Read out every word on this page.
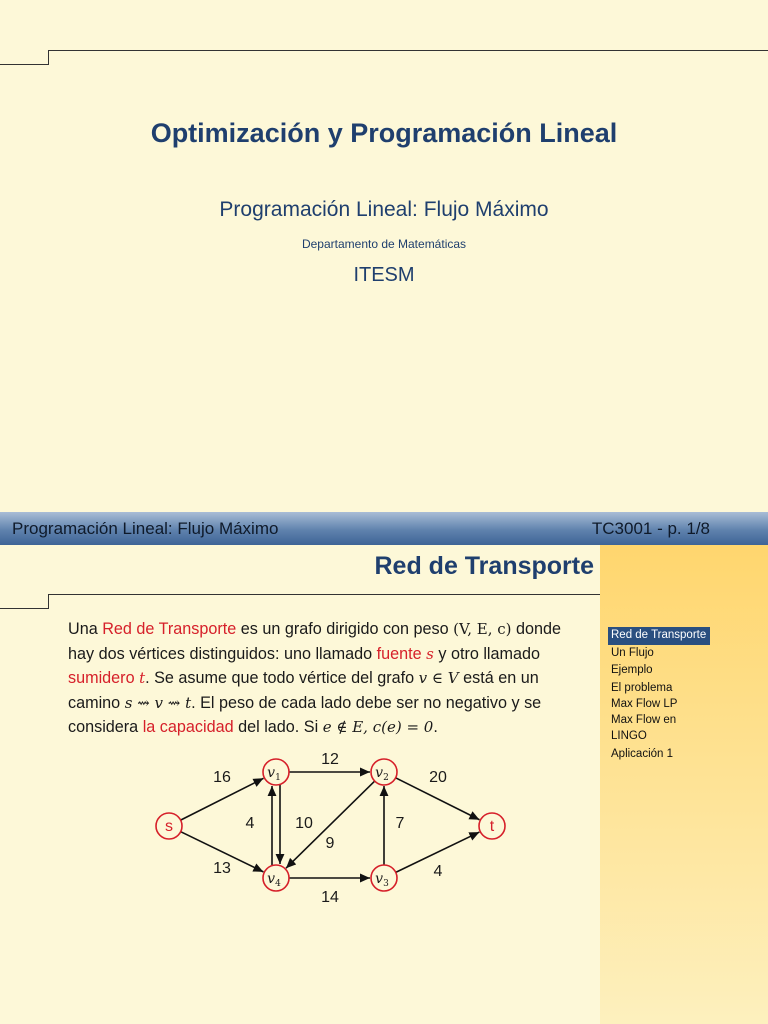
Optimización y Programación Lineal
Programación Lineal: Flujo Máximo
Departamento de Matemáticas
ITESM
Programación Lineal: Flujo Máximo	TC3001 - p. 1/8
Red de Transporte
Red de Transporte
Un Flujo
Ejemplo
El problema
Max Flow LP
Max Flow en
LINGO
Aplicación 1
Una Red de Transporte es un grafo dirigido con peso (V, E, c) donde hay dos vértices distinguidos: uno llamado fuente s y otro llamado sumidero t. Se asume que todo vértice del grafo v ∈ V está en un camino s ⇝ v ⇝ t. El peso de cada lado debe ser no negativo y se considera la capacidad del lado. Si e ∉ E, c(e) = 0.
16
13
12
4	10
9
20
7
14
4
s
$v_1$	$v_2$
$v_3$
$v_4$
t
